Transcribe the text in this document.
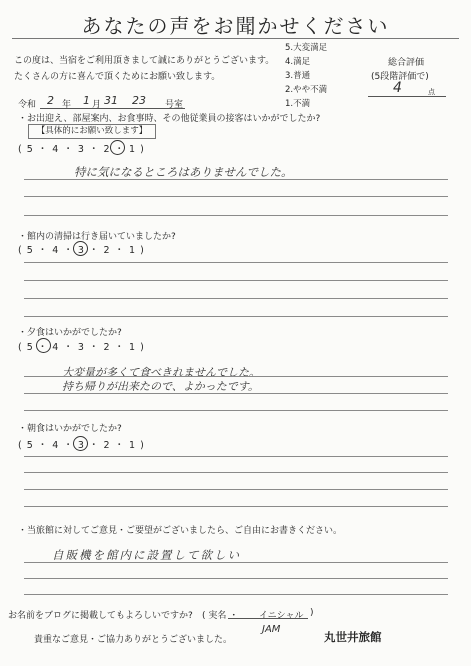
あなたの声をお聞かせください
この度は、当宿をご利用頂きまして誠にありがとうございます。
たくさんの方に喜んで頂くためにお願い致します。
5.大変満足
4.満足
3.普通
2.やや不満
1.不満
総合評価
(5段階評価で)
4	点
令和 2 年 1 月 31 23 号室
・お出迎え、部屋案内、お食事時、その他従業員の接客はいかがでしたか?
【具体的にお願い致します】
( 5 ・ 4 ・ 3 ・ 2 ・ 1 )
特に気になるところはありませんでした。
・館内の清掃は行き届いていましたか?
( 5 ・ 4 ・ 3 ・ 2 ・ 1 )
・夕食はいかがでしたか?
( 5 ・ 4 ・ 3 ・ 2 ・ 1 )
大変量が多くて食べきれませんでした。
持ち帰りが出来たので、よかったです。
・朝食はいかがでしたか?
( 5 ・ 4 ・ 3 ・ 2 ・ 1 )
・当旅館に対してご意見・ご要望がございましたら、ご自由にお書きください。
自販機を館内に設置して欲しい
お名前をブログに掲載してもよろしいですか? ( 実名 ・ イニシャル )
JAM
貴重なご意見・ご協力ありがとうございました。	丸世井旅館
